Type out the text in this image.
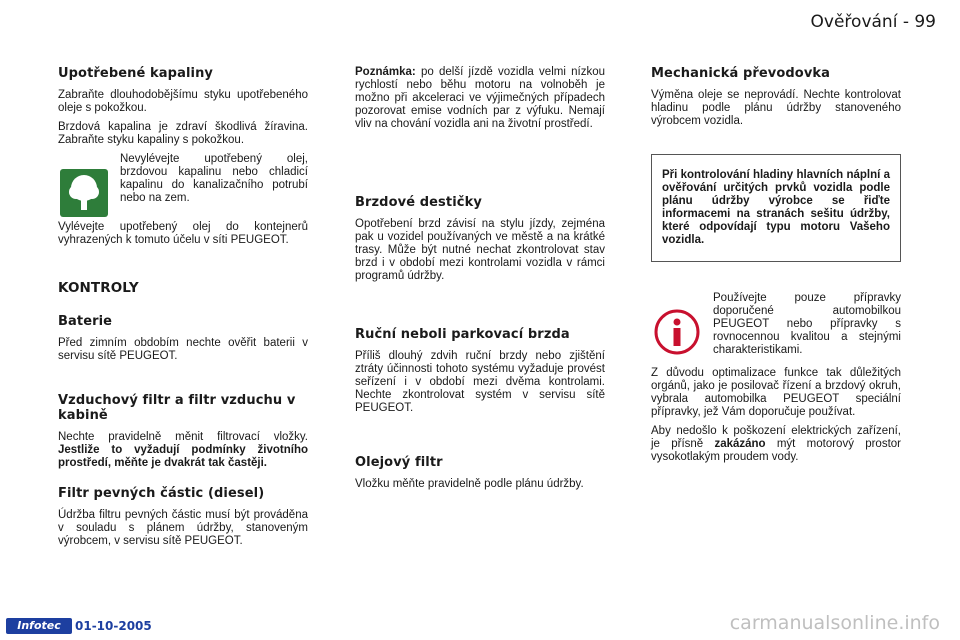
Ověřování - 99
Upotřebené kapaliny

Zabraňte dlouhodobějšímu styku upotřebeného oleje s pokožkou.

Brzdová kapalina je zdraví škodlivá žíravina. Zabraňte styku kapaliny s pokožkou.

Nevylévejte upotřebený olej, brzdovou kapalinu nebo chladicí kapalinu do kanalizačního potrubí nebo na zem.

Vylévejte upotřebený olej do kontejnerů vyhrazených k tomuto účelu v síti PEUGEOT.

KONTROLY
Baterie

Před zimním obdobím nechte ověřit baterii v servisu sítě PEUGEOT.

Vzduchový filtr a filtr vzduchu v kabině

Nechte pravidelně měnit filtrovací vložky. Jestliže to vyžadují podmínky životního prostředí, měňte je dvakrát tak častěji.

Filtr pevných částic (diesel)

Údržba filtru pevných částic musí být prováděna v souladu s plánem údržby, stanoveným výrobcem, v servisu sítě PEUGEOT.

Poznámka: po delší jízdě vozidla velmi nízkou rychlostí nebo běhu motoru na volnoběh je možno při akceleraci ve výjimečných případech pozorovat emise vodních par z výfuku. Nemají vliv na chování vozidla ani na životní prostředí.

Brzdové destičky

Opotřebení brzd závisí na stylu jízdy, zejména pak u vozidel používaných ve městě a na krátké trasy. Může být nutné nechat zkontrolovat stav brzd i v období mezi kontrolami vozidla v rámci programů údržby.

Ruční neboli parkovací brzda

Příliš dlouhý zdvih ruční brzdy nebo zjištění ztráty účinnosti tohoto systému vyžaduje provést seřízení i v období mezi dvěma kontrolami. Nechte zkontrolovat systém v servisu sítě PEUGEOT.

Olejový filtr

Vložku měňte pravidelně podle plánu údržby.

Mechanická převodovka

Výměna oleje se neprovádí. Nechte kontrolovat hladinu podle plánu údržby stanoveného výrobcem vozidla.

Při kontrolování hladiny hlavních náplní a ověřování určitých prvků vozidla podle plánu údržby výrobce se řiďte informacemi na stranách sešitu údržby, které odpovídají typu motoru Vašeho vozidla.

Používejte pouze přípravky doporučené automobilkou PEUGEOT nebo přípravky s rovnocennou kvalitou a stejnými charakteristikami.

Z důvodu optimalizace funkce tak důležitých orgánů, jako je posilovač řízení a brzdový okruh, vybrala automobilka PEUGEOT speciální přípravky, jež Vám doporučuje používat.

Aby nedošlo k poškození elektrických zařízení, je přísně zakázáno mýt motorový prostor vysokotlakým proudem vody.

Infotec	01-10-2005	carmanualsonline.info
